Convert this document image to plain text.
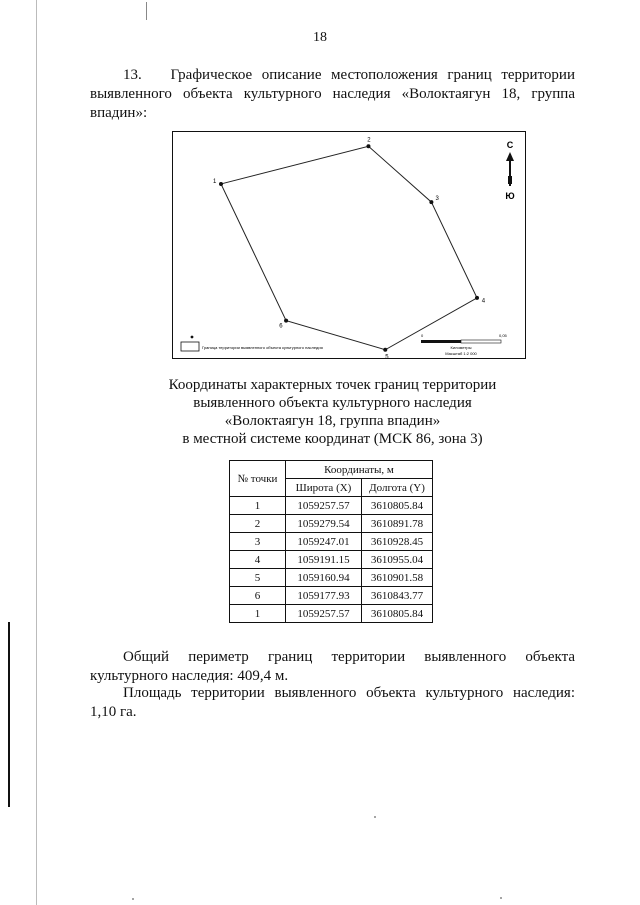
18
13. Графическое описание местоположения границ территории выявленного объекта культурного наследия «Волоктаягун 18, группа впадин»:
1
2
3
4
5
6
С
Ю
Граница территории выявленного объекта культурного наследия
0	0,05
Километры
Масштаб 1:2 000
Координаты характерных точек границ территории
выявленного объекта культурного наследия
«Волоктаягун 18, группа впадин»
в местной системе координат (МСК 86, зона 3)
№ точки	Координаты, м	
	Широта (X)	Долгота (Y)
1	1059257.57	3610805.84
2	1059279.54	3610891.78
3	1059247.01	3610928.45
4	1059191.15	3610955.04
5	1059160.94	3610901.58
6	1059177.93	3610843.77
1	1059257.57	3610805.84
Общий периметр границ территории выявленного объекта культурного наследия: 409,4 м.
Площадь территории выявленного объекта культурного наследия: 1,10 га.
